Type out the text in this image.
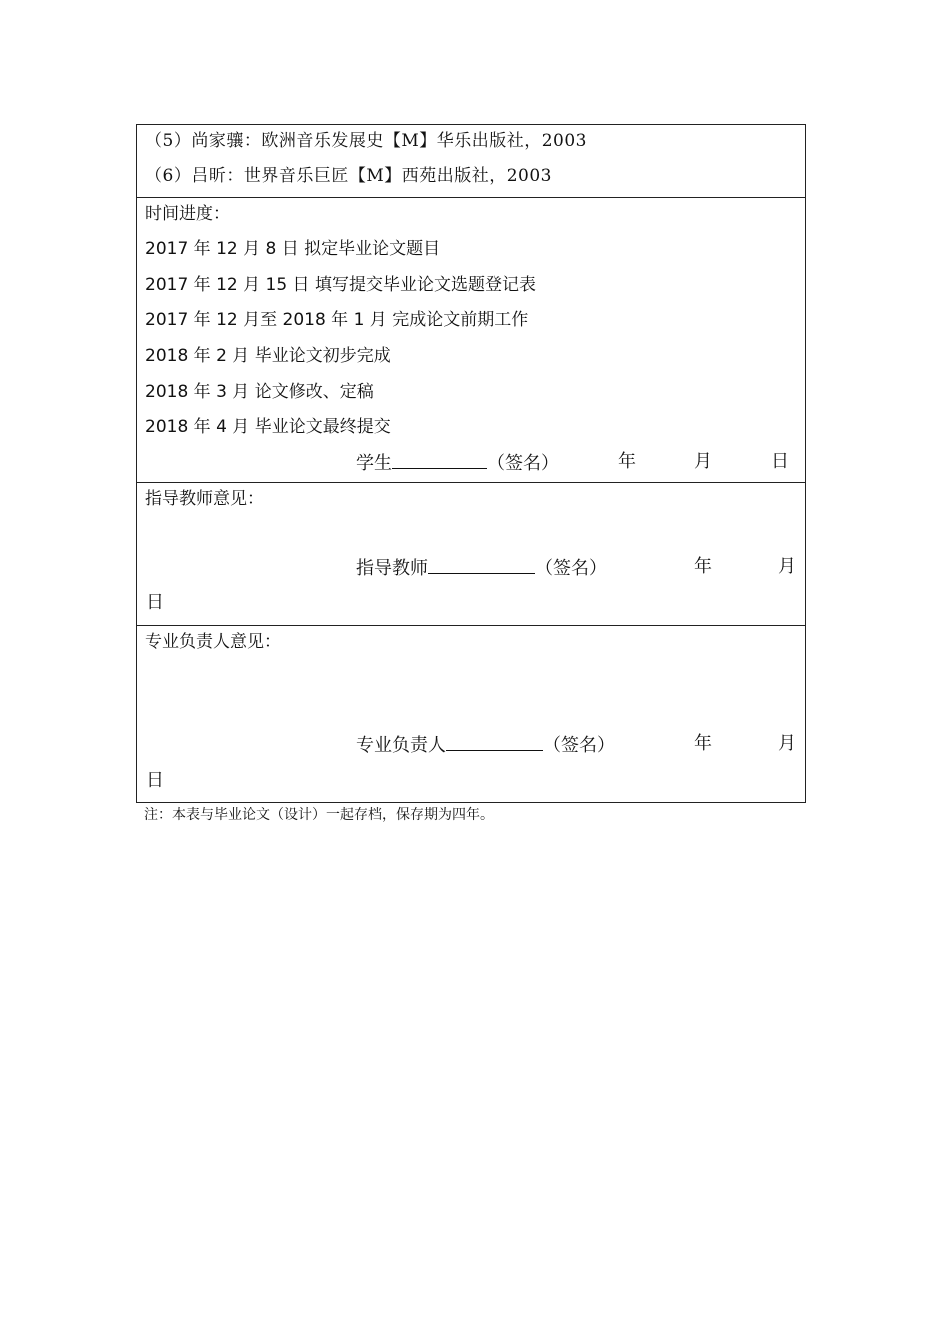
（5）尚家骧：欧洲音乐发展史【M】华乐出版社，2003
（6）吕昕：世界音乐巨匠【M】西苑出版社，2003
时间进度：
2017 年 12 月 8 日 拟定毕业论文题目
2017 年 12 月 15 日 填写提交毕业论文选题登记表
2017 年 12 月至 2018 年 1 月 完成论文前期工作
2018 年 2 月 毕业论文初步完成
2018 年 3 月 论文修改、定稿
2018 年 4 月 毕业论文最终提交
学生	（签名）	年	月	日
指导教师意见：
指导教师	（签名）	年	月
日
专业负责人意见：
专业负责人	（签名）	年	月
日
注：本表与毕业论文（设计）一起存档，保存期为四年。
